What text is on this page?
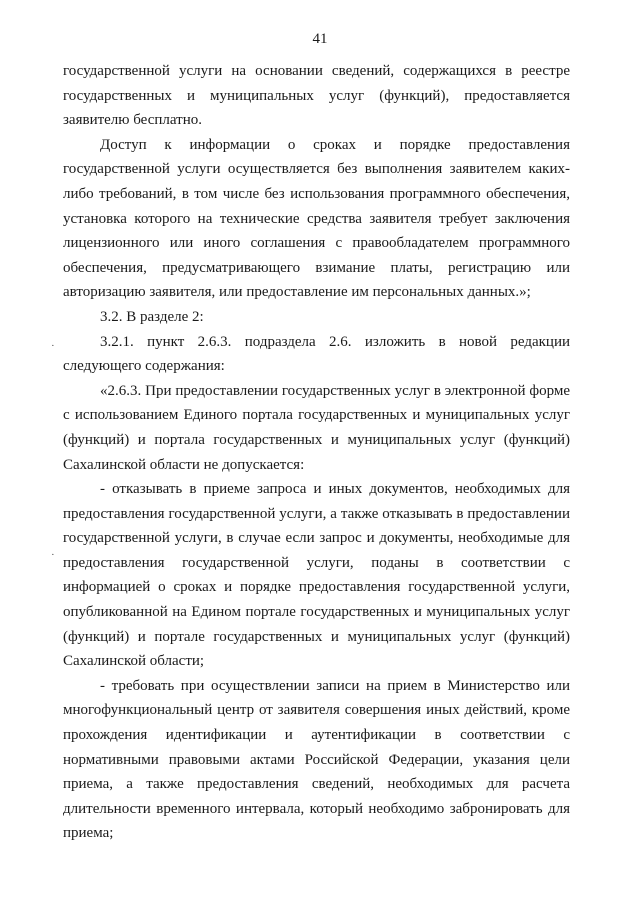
41
·
·

государственной услуги на основании сведений, содержащихся в реестре государственных и муниципальных услуг (функций), предоставляется заявителю бесплатно.

Доступ к информации о сроках и порядке предоставления государственной услуги осуществляется без выполнения заявителем каких-либо требований, в том числе без использования программного обеспечения, установка которого на технические средства заявителя требует заключения лицензионного или иного соглашения с правообладателем программного обеспечения, предусматривающего взимание платы, регистрацию или авторизацию заявителя, или предоставление им персональных данных.»;

3.2. В разделе 2:

3.2.1. пункт 2.6.3. подраздела 2.6. изложить в новой редакции следующего содержания:

«2.6.3. При предоставлении государственных услуг в электронной форме с использованием Единого портала государственных и муниципальных услуг (функций) и портала государственных и муниципальных услуг (функций) Сахалинской области не допускается:

- отказывать в приеме запроса и иных документов, необходимых для предоставления государственной услуги, а также отказывать в предоставлении государственной услуги, в случае если запрос и документы, необходимые для предоставления государственной услуги, поданы в соответствии с информацией о сроках и порядке предоставления государственной услуги, опубликованной на Едином портале государственных и муниципальных услуг (функций) и портале государственных и муниципальных услуг (функций) Сахалинской области;

- требовать при осуществлении записи на прием в Министерство или многофункциональный центр от заявителя совершения иных действий, кроме прохождения идентификации и аутентификации в соответствии с нормативными правовыми актами Российской Федерации, указания цели приема, а также предоставления сведений, необходимых для расчета длительности временного интервала, который необходимо забронировать для приема;
